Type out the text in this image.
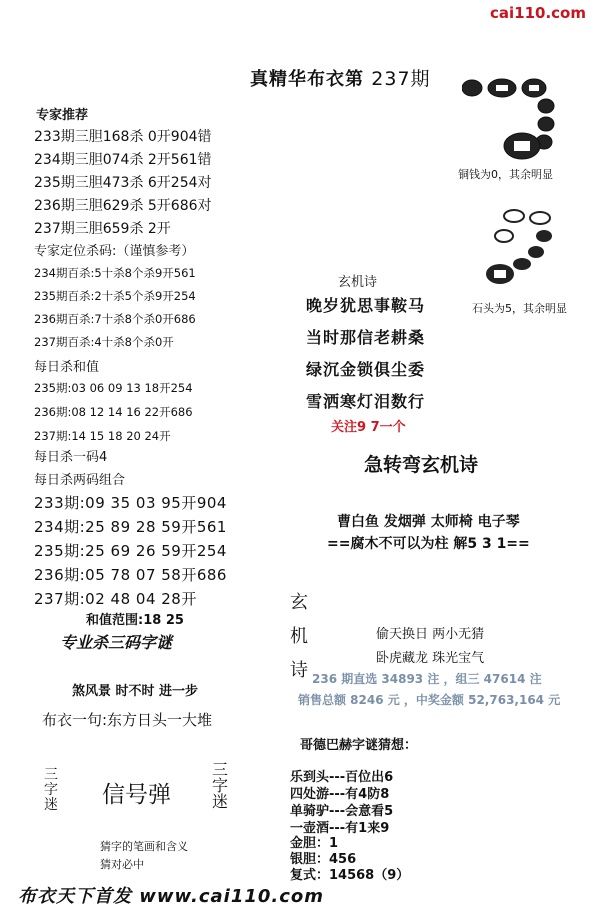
cai110.com
真精华布衣第 237期
专家推荐
233期三胆168杀 0开904错
234期三胆074杀 2开561错
235期三胆473杀 6开254对
236期三胆629杀 5开686对
237期三胆659杀 2开
专家定位杀码:（谨慎参考）
234期百杀:5十杀8个杀9开561
235期百杀:2十杀5个杀9开254
236期百杀:7十杀8个杀0开686
237期百杀:4十杀8个杀0开
每日杀和值
235期:03 06 09 13 18开254
236期:08 12 14 16 22开686
237期:14 15 18 20 24开
每日杀一码4
每日杀两码组合
233期:09 35 03 95开904
234期:25 89 28 59开561
235期:25 69 26 59开254
236期:05 78 07 58开686
237期:02 48 04 28开
和值范围:18 25
专业杀三码字谜
煞风景 时不时 进一步
布衣一句:东方日头一大堆
三字迷 信号弹
三字迷
猜字的笔画和含义
猜对必中
铜钱为0，其余明显
石头为5，其余明显
玄机诗
晚岁犹思事鞍马
当时那信老耕桑
绿沉金锁俱尘委
雪洒寒灯泪数行
关注9 7一个
急转弯玄机诗
曹白鱼 发烟弹 太师椅 电子琴
==腐木不可以为柱 解5 3 1==
玄
机
诗
偷天换日 两小无猜
卧虎藏龙 珠光宝气
236 期直选 34893 注 ，组三 47614 注
销售总额 8246 元 ，中奖金额 52,763,164 元
哥德巴赫字谜猜想：
乐到头---百位出6
四处游---有4防8
单骑驴---会意看5
一壶酒---有1来9
金胆：1
银胆：456
复式：14568（9）
布衣天下首发 www.cai110.com
